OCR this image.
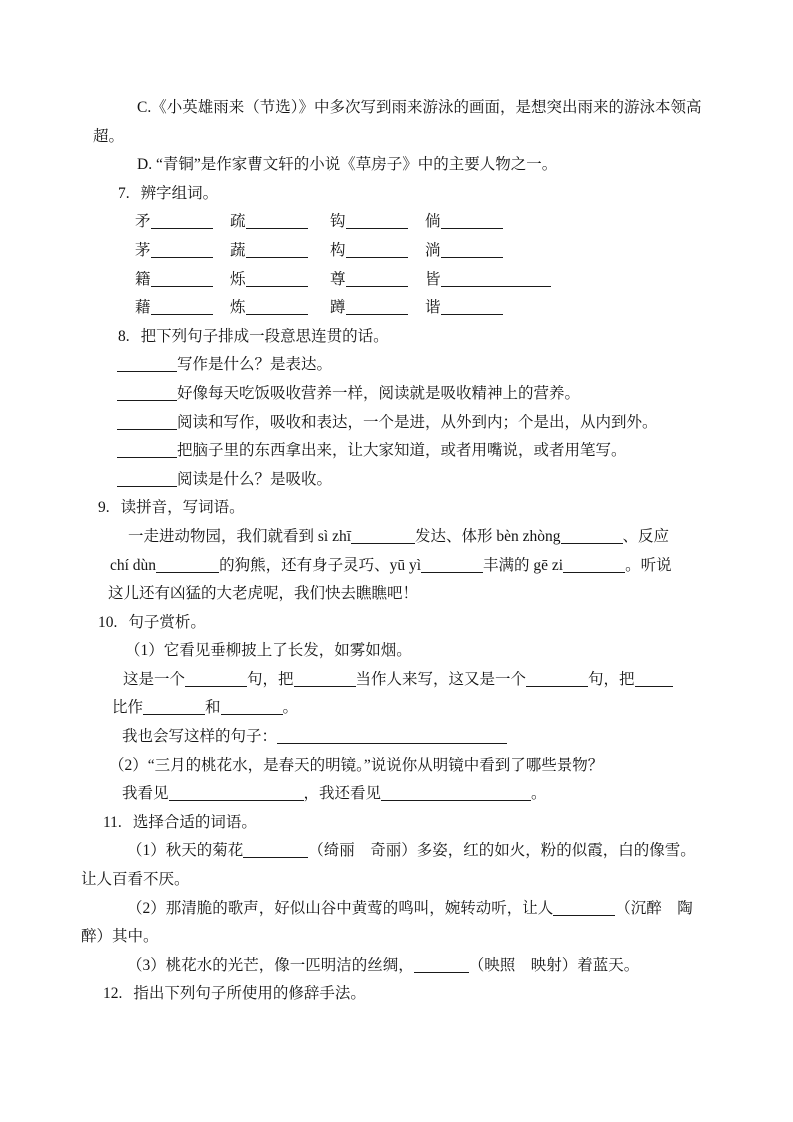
C.《小英雄雨来（节选）》中多次写到雨来游泳的画面，是想突出雨来的游泳本领高
超。
D. “青铜”是作家曹文轩的小说《草房子》中的主要人物之一。
7. 辨字组词。
矛	疏	钩	倘
茅	蔬	构	淌
籍	烁	尊	皆
藉	炼	蹲	谐
8. 把下列句子排成一段意思连贯的话。
写作是什么？是表达。
好像每天吃饭吸收营养一样，阅读就是吸收精神上的营养。
阅读和写作，吸收和表达，一个是进，从外到内；个是出，从内到外。
把脑子里的东西拿出来，让大家知道，或者用嘴说，或者用笔写。
阅读是什么？是吸收。
9. 读拼音，写词语。
一走进动物园，我们就看到 sì zhī	发达、体形 bèn zhòng	、反应
chí dùn	的狗熊，还有身子灵巧、yū yì	丰满的 gē zi	。听说
这儿还有凶猛的大老虎呢，我们快去瞧瞧吧！
10. 句子赏析。
（1）它看见垂柳披上了长发，如雾如烟。
这是一个	句，把	当作人来写，这又是一个	句，把
比作	和	。
我也会写这样的句子：
（2）“三月的桃花水，是春天的明镜。”说说你从明镜中看到了哪些景物？
我看见	，我还看见	。
11. 选择合适的词语。
（1）秋天的菊花	（绮丽　奇丽）多姿，红的如火，粉的似霞，白的像雪。
让人百看不厌。
（2）那清脆的歌声，好似山谷中黄莺的鸣叫，婉转动听，让人	（沉醉　陶
醉）其中。
（3）桃花水的光芒，像一匹明洁的丝绸，	（映照　映射）着蓝天。
12. 指出下列句子所使用的修辞手法。
